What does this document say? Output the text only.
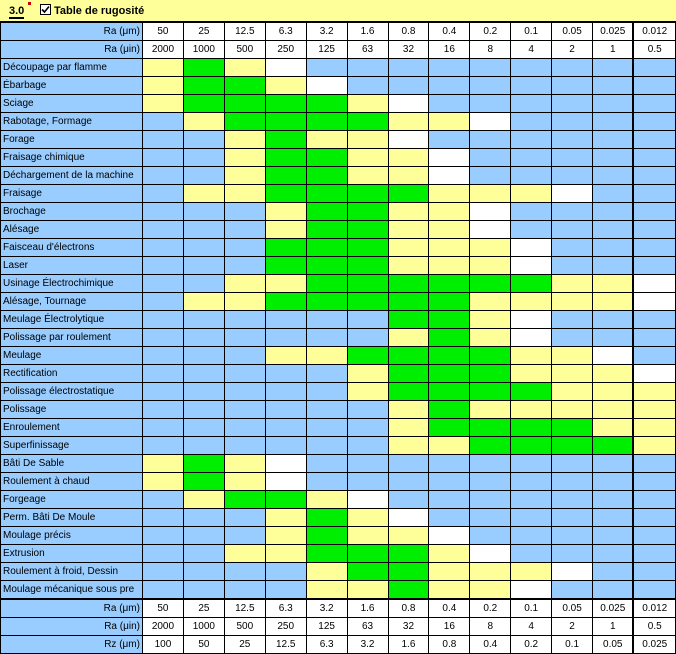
3.0	Table de rugosité
Ra (μm)	50	25	12.5	6.3	3.2	1.6	0.8	0.4	0.2	0.1	0.05	0.025	0.012
Ra (μin)	2000	1000	500	250	125	63	32	16	8	4	2	1	0.5
Découpage par flamme													
Ébarbage													
Sciage													
Rabotage, Formage													
Forage													
Fraisage chimique													
Déchargement de la machine													
Fraisage													
Brochage													
Alésage													
Faisceau d'électrons													
Laser													
Usinage Électrochimique													
Alésage, Tournage													
Meulage Électrolytique													
Polissage par roulement													
Meulage													
Rectification													
Polissage électrostatique													
Polissage													
Enroulement													
Superfinissage													
Bâti De Sable													
Roulement à chaud													
Forgeage													
Perm. Bâti De Moule													
Moulage précis													
Extrusion													
Roulement à froid, Dessin													
Moulage mécanique sous pre													
Ra (μm)	50	25	12.5	6.3	3.2	1.6	0.8	0.4	0.2	0.1	0.05	0.025	0.012
Ra (μin)	2000	1000	500	250	125	63	32	16	8	4	2	1	0.5
Rz (μm)	100	50	25	12.5	6.3	3.2	1.6	0.8	0.4	0.2	0.1	0.05	0.025
